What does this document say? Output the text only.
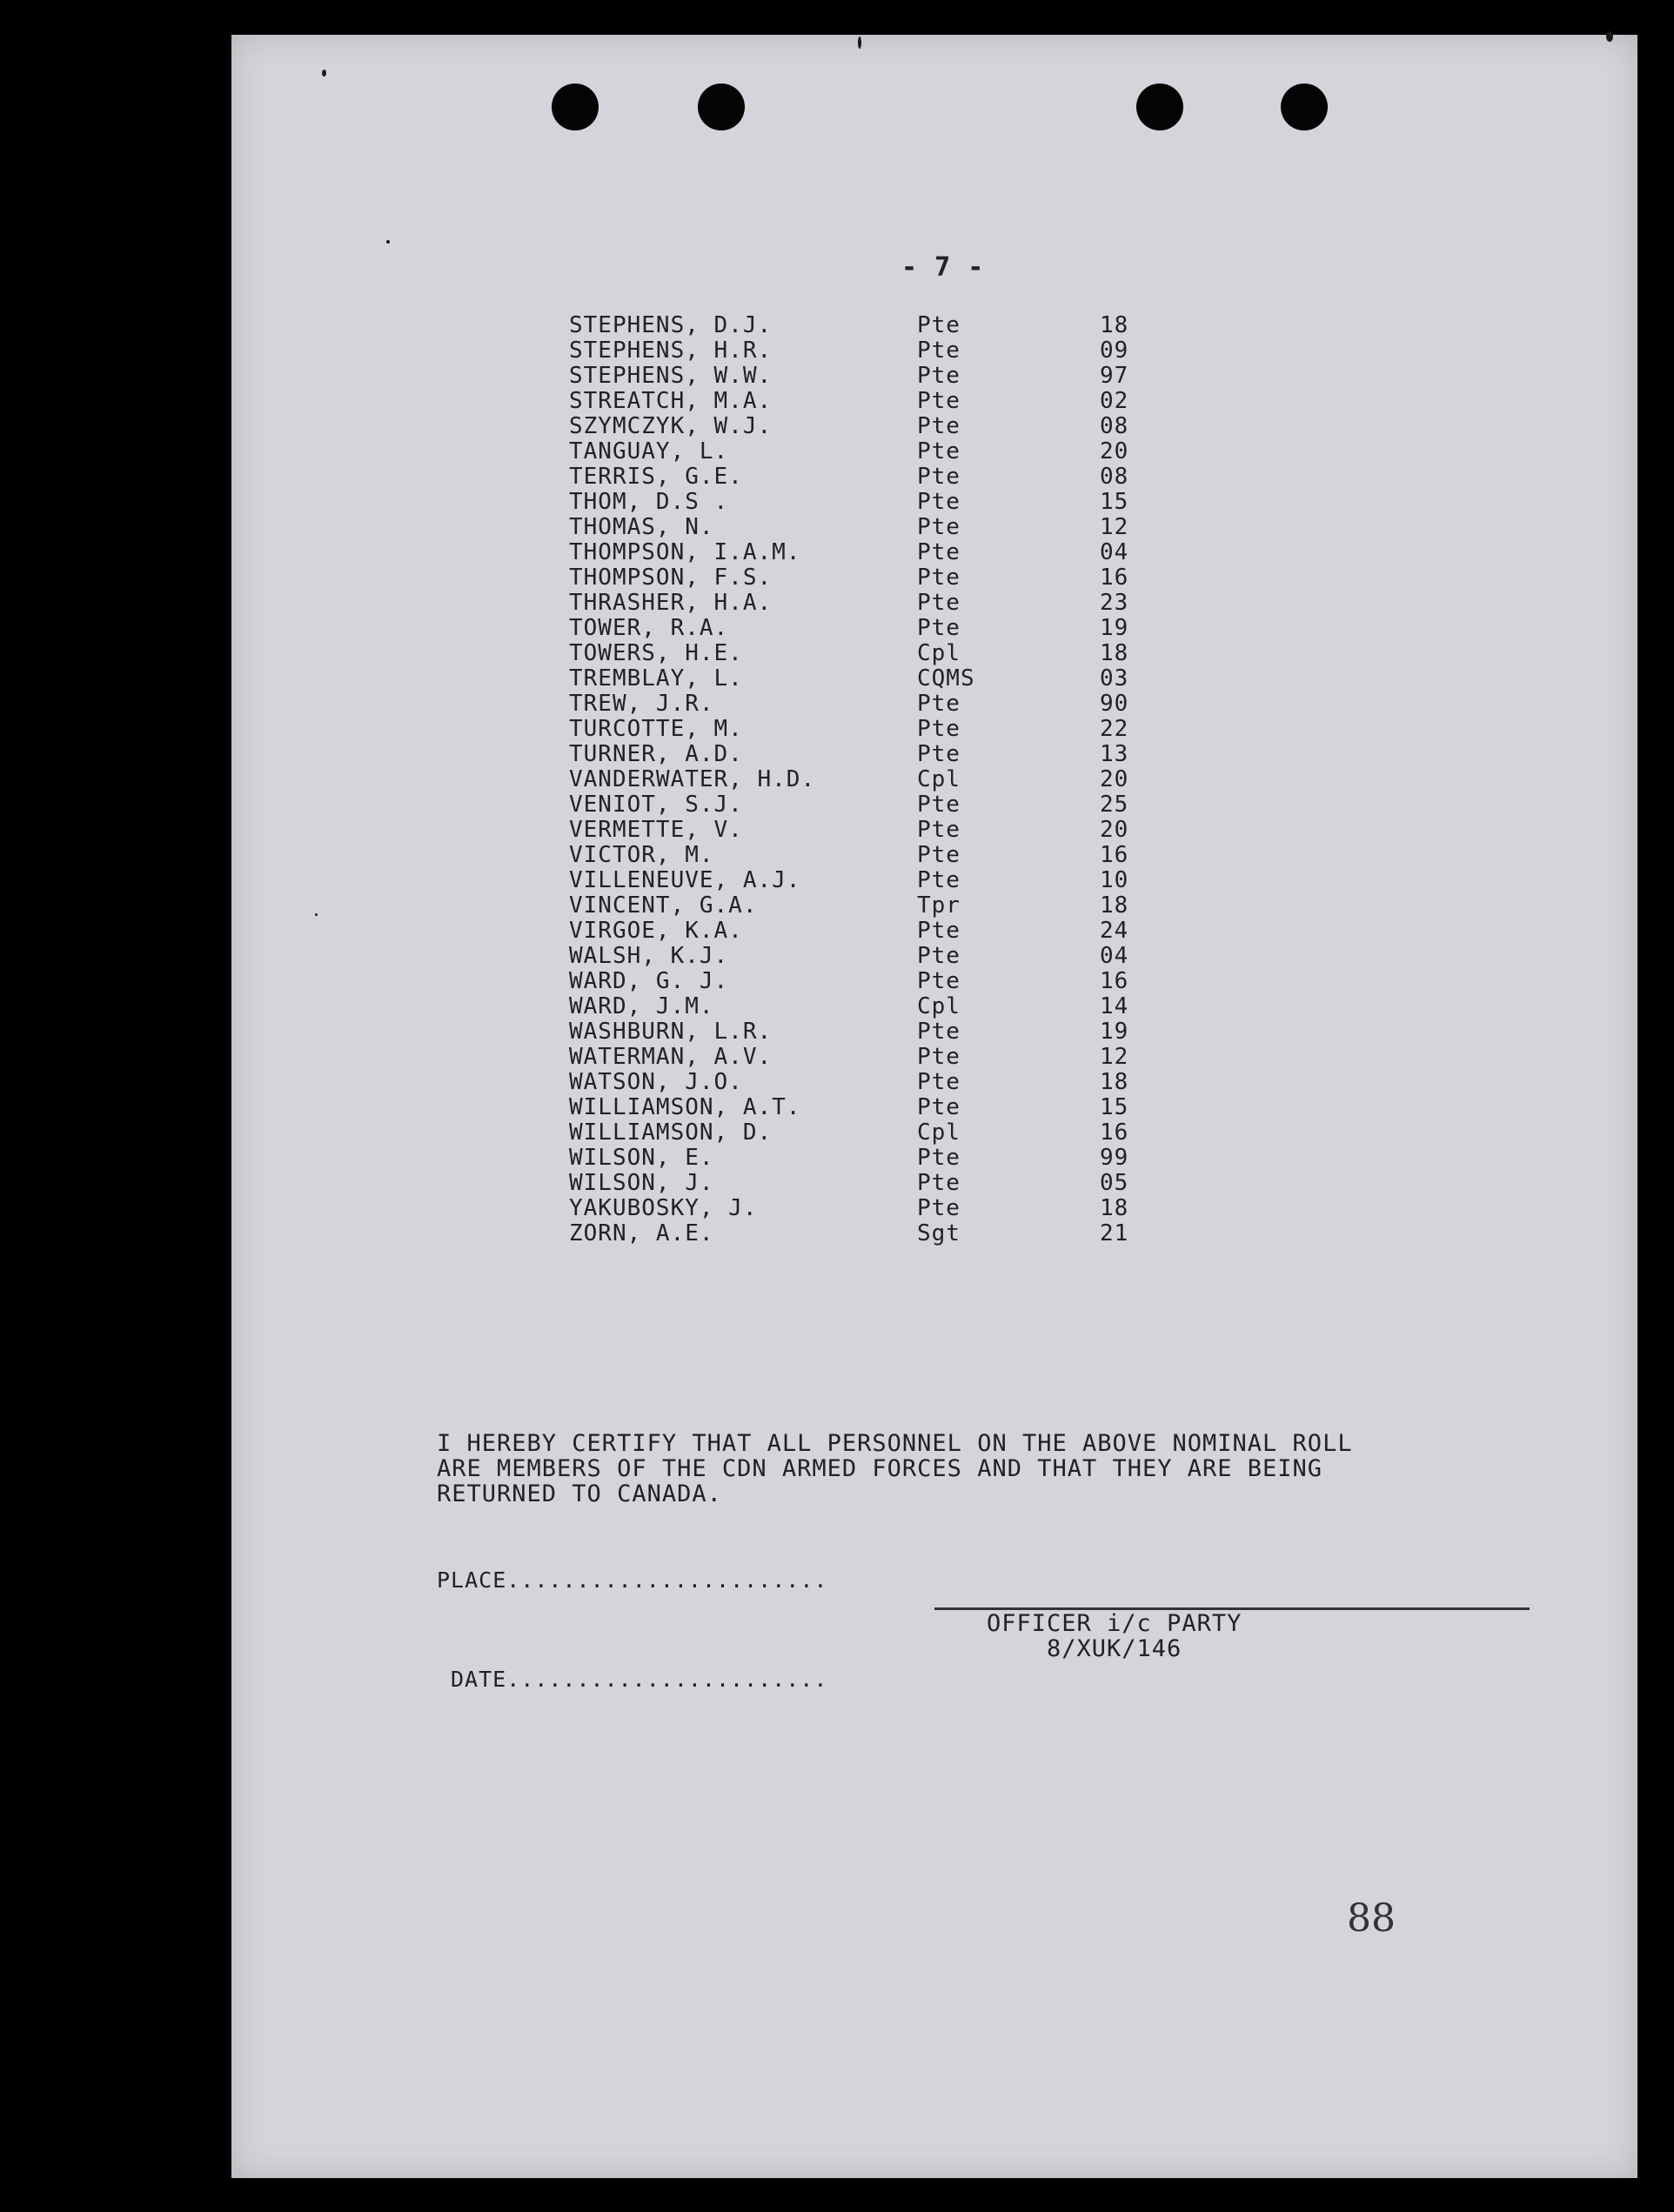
- 7 -
STEPHENS, D.J.	Pte	18
STEPHENS, H.R.	Pte	09
STEPHENS, W.W.	Pte	97
STREATCH, M.A.	Pte	02
SZYMCZYK, W.J.	Pte	08
TANGUAY, L.	Pte	20
TERRIS, G.E.	Pte	08
THOM, D.S .	Pte	15
THOMAS, N.	Pte	12
THOMPSON, I.A.M.	Pte	04
THOMPSON, F.S.	Pte	16
THRASHER, H.A.	Pte	23
TOWER, R.A.	Pte	19
TOWERS, H.E.	Cpl	18
TREMBLAY, L.	CQMS	03
TREW, J.R.	Pte	90
TURCOTTE, M.	Pte	22
TURNER, A.D.	Pte	13
VANDERWATER, H.D.	Cpl	20
VENIOT, S.J.	Pte	25
VERMETTE, V.	Pte	20
VICTOR, M.	Pte	16
VILLENEUVE, A.J.	Pte	10
VINCENT, G.A.	Tpr	18
VIRGOE, K.A.	Pte	24
WALSH, K.J.	Pte	04
WARD, G. J.	Pte	16
WARD, J.M.	Cpl	14
WASHBURN, L.R.	Pte	19
WATERMAN, A.V.	Pte	12
WATSON, J.O.	Pte	18
WILLIAMSON, A.T.	Pte	15
WILLIAMSON, D.	Cpl	16
WILSON, E.	Pte	99
WILSON, J.	Pte	05
YAKUBOSKY, J.	Pte	18
ZORN, A.E.	Sgt	21
I HEREBY CERTIFY THAT ALL PERSONNEL ON THE ABOVE NOMINAL ROLL
ARE MEMBERS OF THE CDN ARMED FORCES AND THAT THEY ARE BEING
RETURNED TO CANADA.
PLACE.......................
OFFICER i/c PARTY
8/XUK/146
DATE.......................
88
